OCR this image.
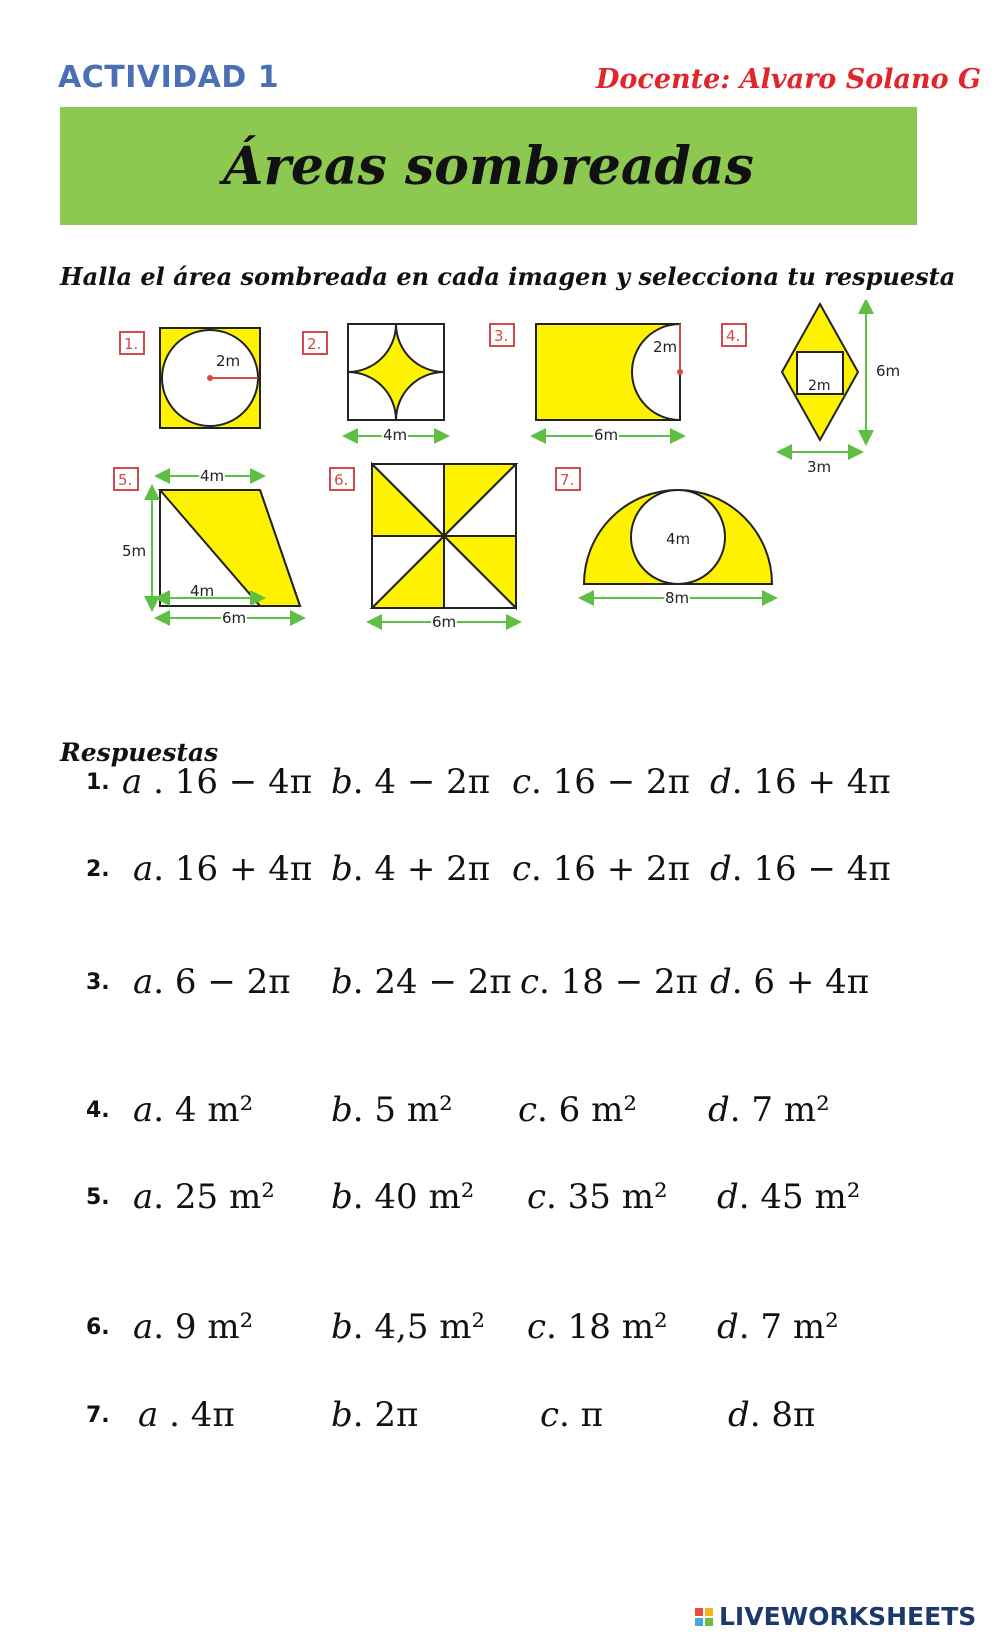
ACTIVIDAD 1	Docente: Alvaro Solano G
Áreas sombreadas
Halla el área sombreada en cada imagen y selecciona tu respuesta
1.
2m
2.
4m
3.
2m
6m
4.
2m
6m
3m
5.	4m
5m
4m
6m
6.
6m
7.
4m
8m
Respuestas
1. a . 16 − 4π b. 4 − 2π c. 16 − 2π d. 16 + 4π
2. a. 16 + 4π b. 4 + 2π c. 16 + 2π d. 16 − 4π
3. a. 6 − 2π b. 24 − 2π c. 18 − 2π d. 6 + 4π
4. a. 4 m² b. 5 m² c. 6 m² d. 7 m²
5. a. 25 m² b. 40 m² c. 35 m² d. 45 m²
6. a. 9 m² b. 4,5 m² c. 18 m² d. 7 m²
7. a . 4π	b. 2π	c. π	d. 8π
LIVEWORKSHEETS
